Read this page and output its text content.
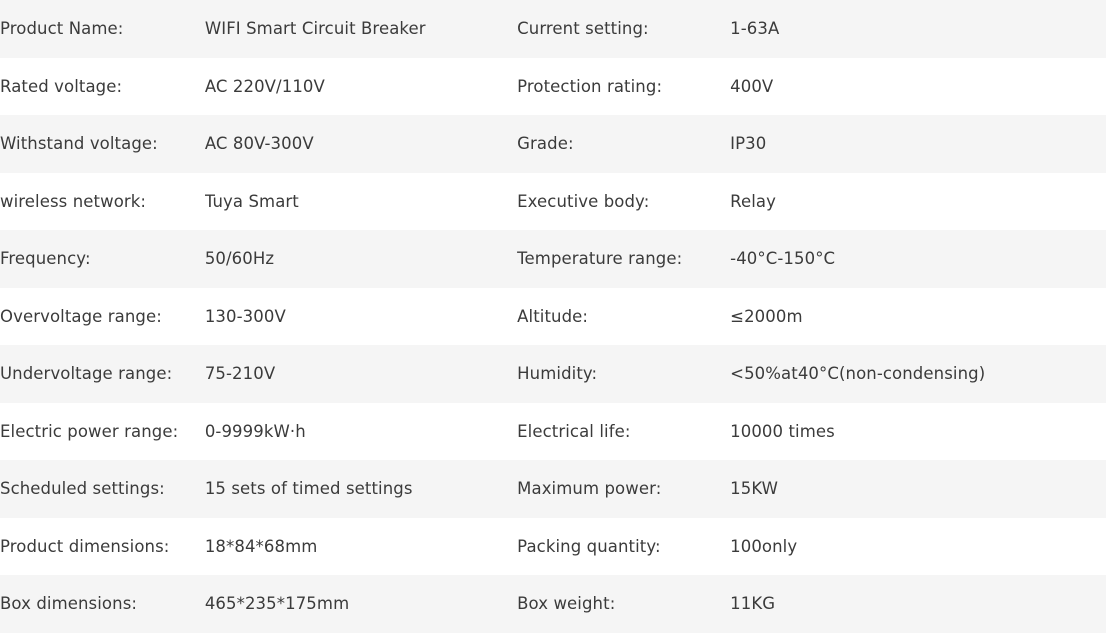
Product Name:	WIFI Smart Circuit Breaker	Current setting:	1-63A
Rated voltage:	AC 220V/110V	Protection rating:	400V
Withstand voltage:	AC 80V-300V	Grade:	IP30
wireless network:	Tuya Smart	Executive body:	Relay
Frequency:	50/60Hz	Temperature range:	-40°C-150°C
Overvoltage range:	130-300V	Altitude:	≤2000m
Undervoltage range:	75-210V	Humidity:	<50%at40°C(non-condensing)
Electric power range:	0-9999kW·h	Electrical life:	10000 times
Scheduled settings:	15 sets of timed settings	Maximum power:	15KW
Product dimensions:	18*84*68mm	Packing quantity:	100only
Box dimensions:	465*235*175mm	Box weight:	11KG
